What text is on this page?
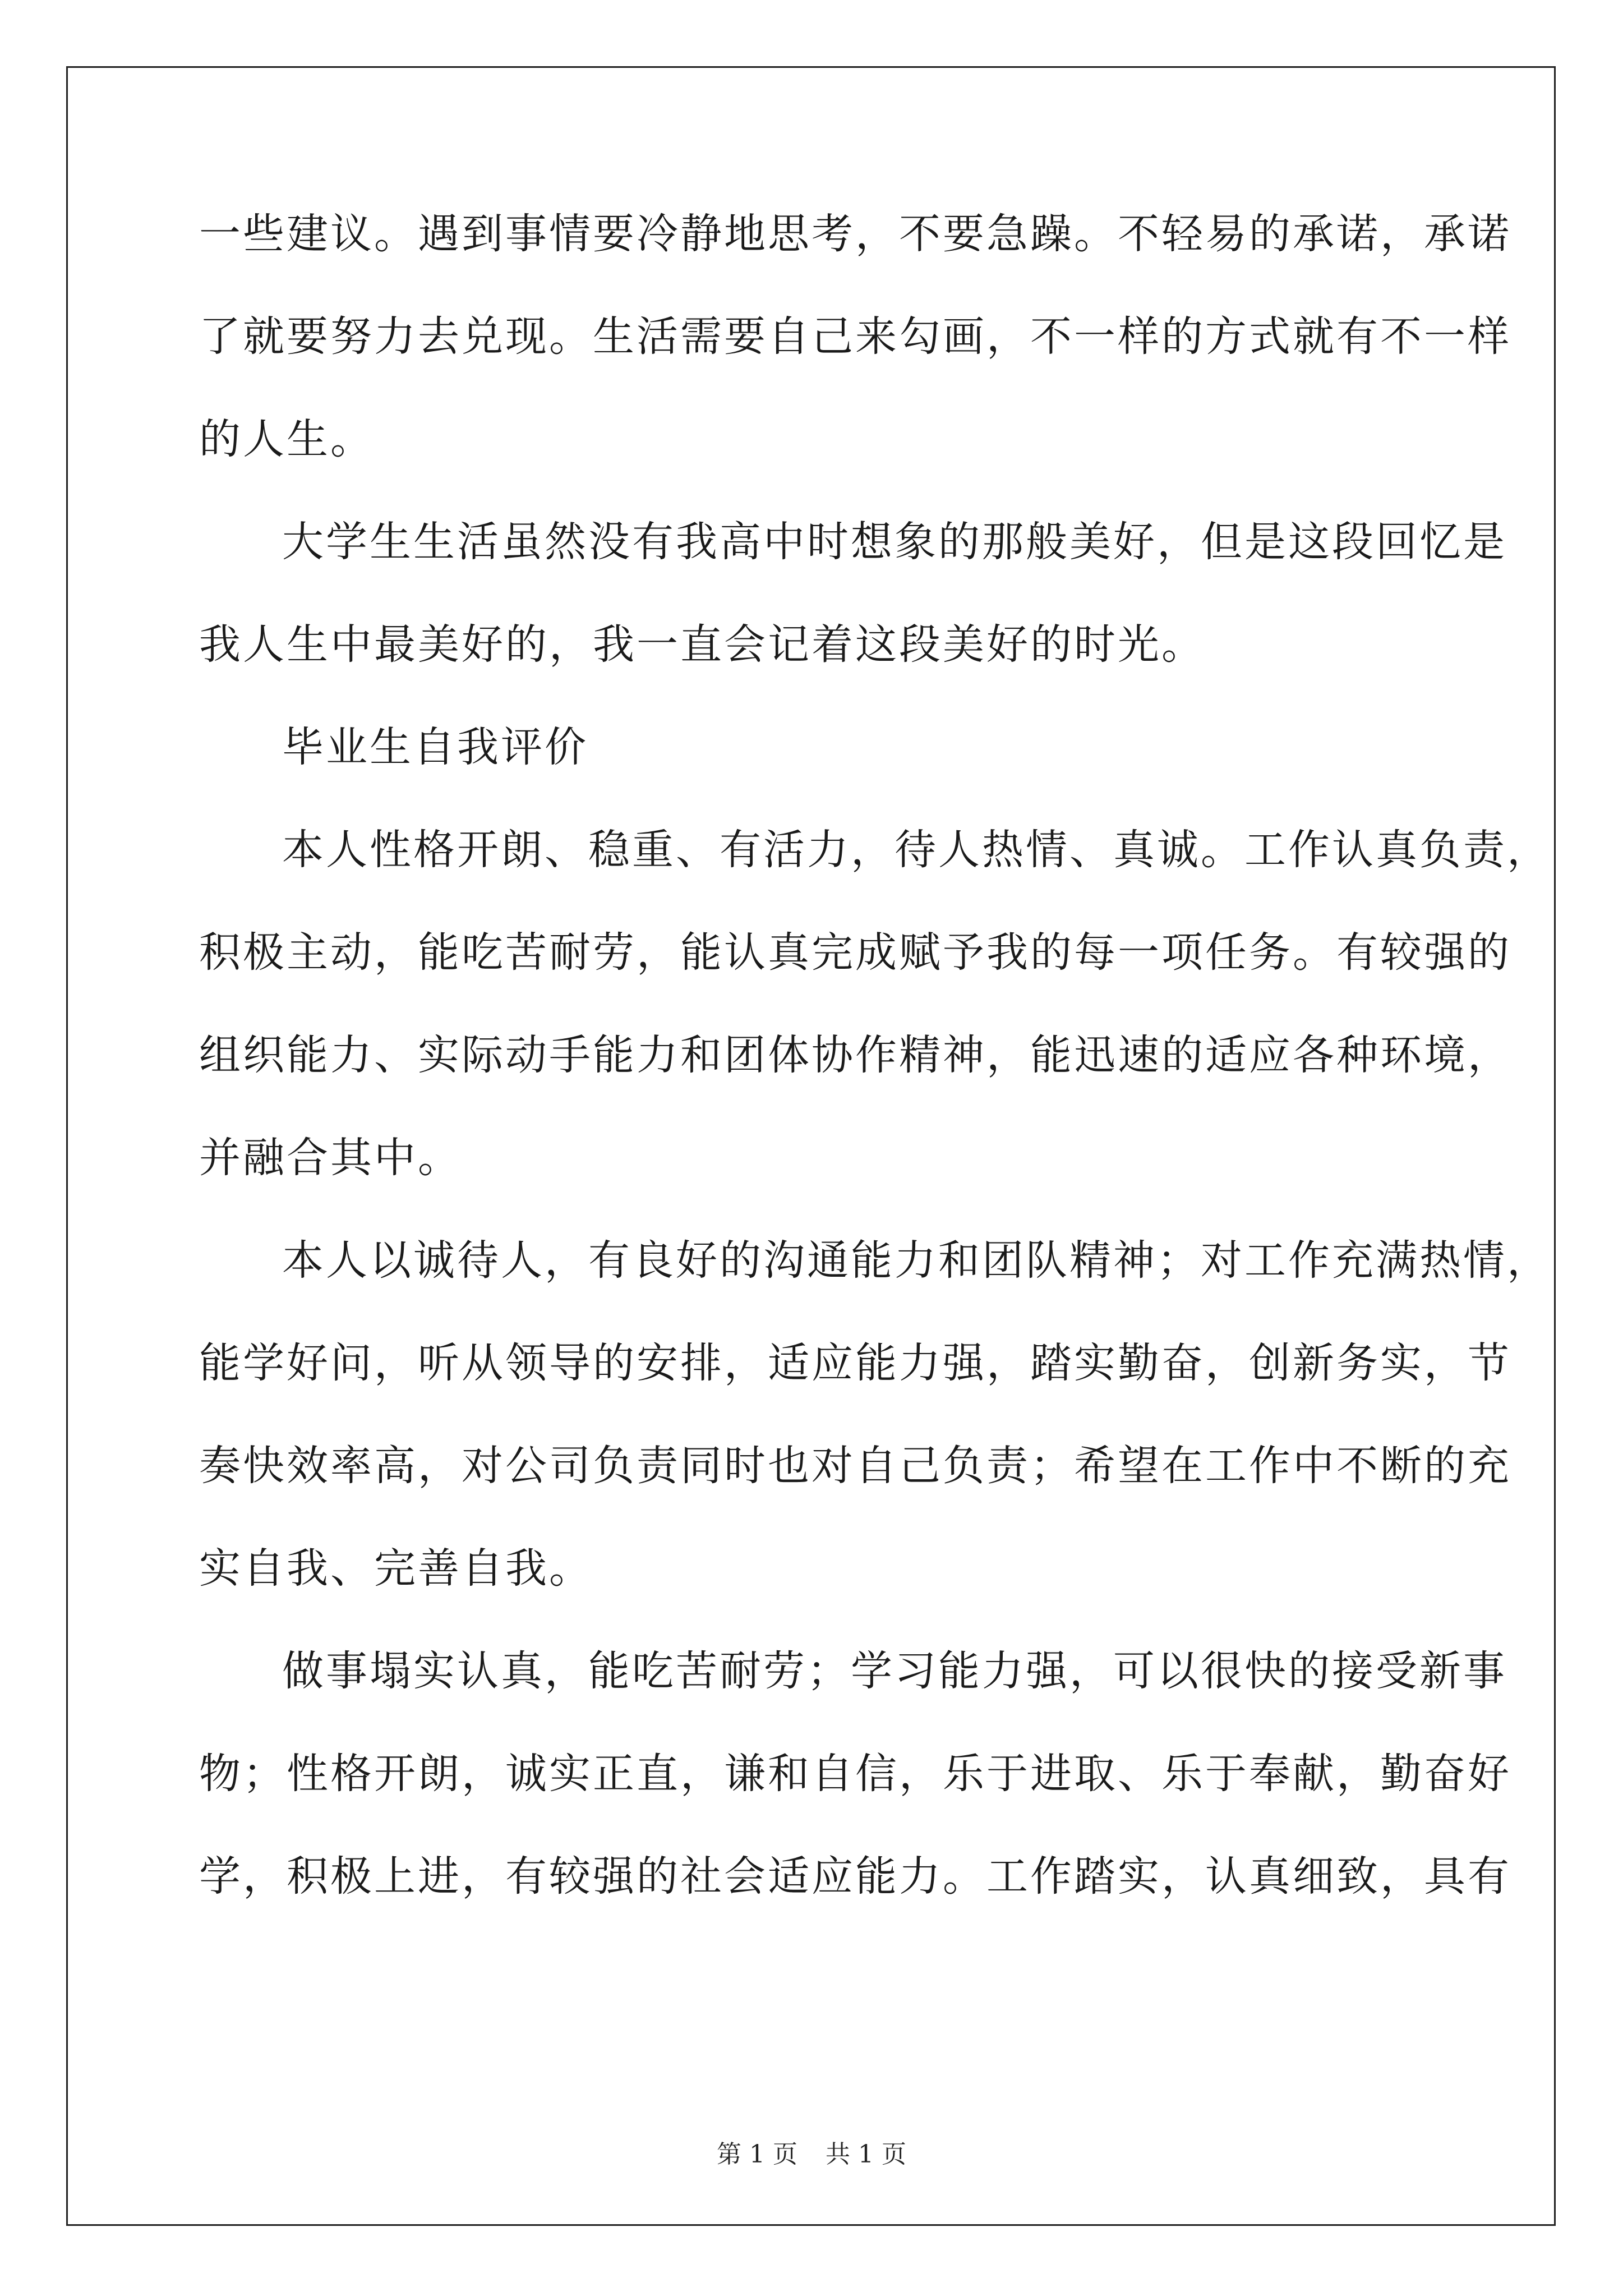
一些建议。遇到事情要冷静地思考，不要急躁。不轻易的承诺，承诺
了就要努力去兑现。生活需要自己来勾画，不一样的方式就有不一样
的人生。
大学生生活虽然没有我高中时想象的那般美好，但是这段回忆是
我人生中最美好的，我一直会记着这段美好的时光。
毕业生自我评价
本人性格开朗、稳重、有活力，待人热情、真诚。工作认真负责，
积极主动，能吃苦耐劳，能认真完成赋予我的每一项任务。有较强的
组织能力、实际动手能力和团体协作精神，能迅速的适应各种环境，
并融合其中。
本人以诚待人，有良好的沟通能力和团队精神；对工作充满热情，
能学好问，听从领导的安排，适应能力强，踏实勤奋，创新务实，节
奏快效率高，对公司负责同时也对自己负责；希望在工作中不断的充
实自我、完善自我。
做事塌实认真，能吃苦耐劳；学习能力强，可以很快的接受新事
物；性格开朗，诚实正直，谦和自信，乐于进取、乐于奉献，勤奋好
学，积极上进，有较强的社会适应能力。工作踏实，认真细致，具有
第 1 页 共 1 页
